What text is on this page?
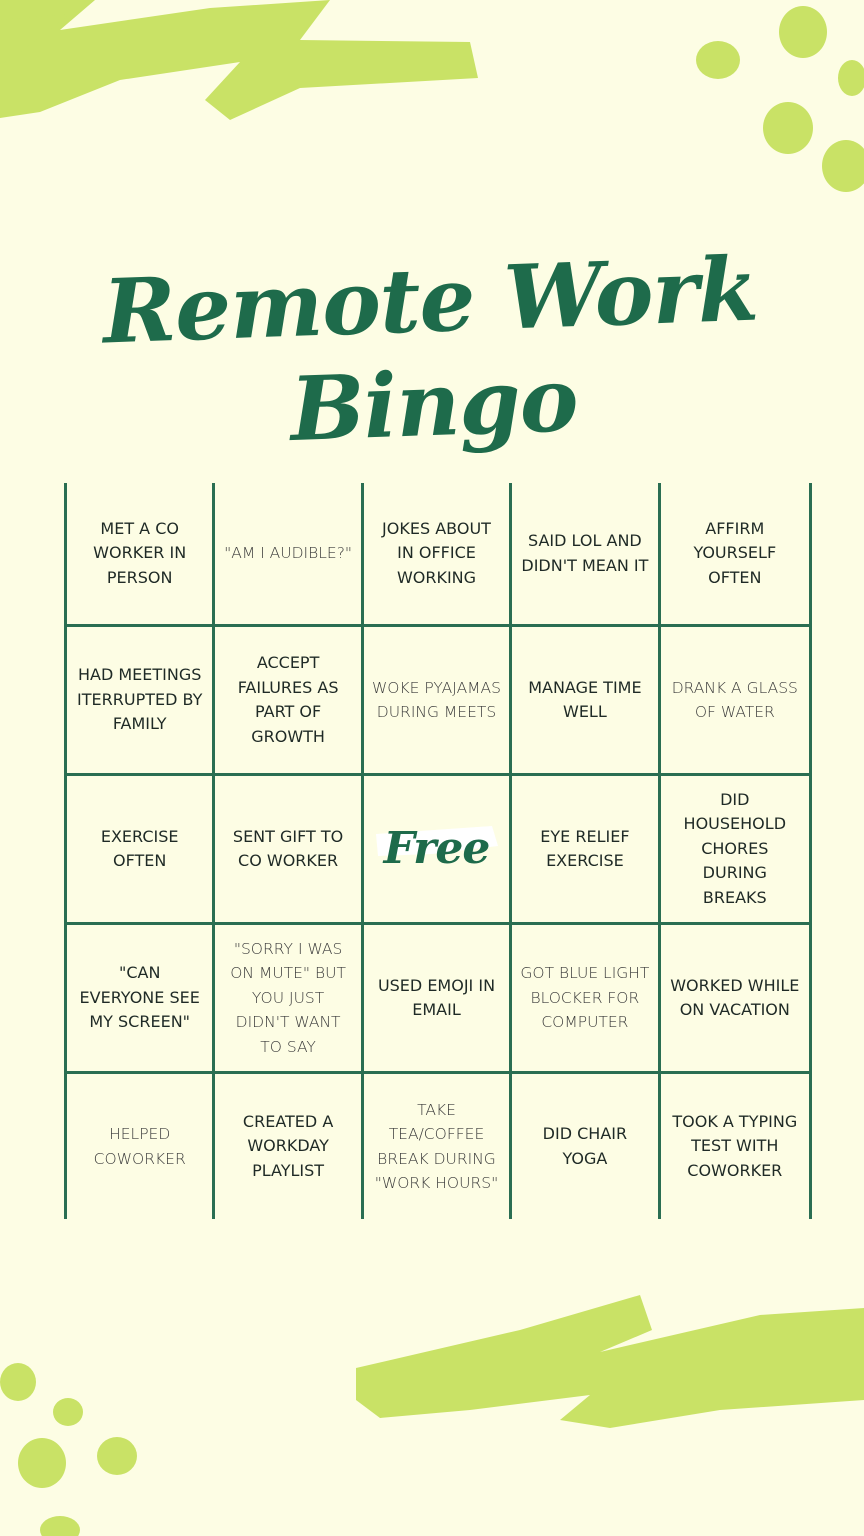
Remote Work Bingo
MET A CO WORKER IN PERSON
"AM I AUDIBLE?"
JOKES ABOUT IN OFFICE WORKING
SAID LOL AND DIDN'T MEAN IT
AFFIRM YOURSELF OFTEN
HAD MEETINGS ITERRUPTED BY FAMILY
ACCEPT FAILURES AS PART OF GROWTH
WOKE PYAJAMAS DURING MEETS
MANAGE TIME WELL
DRANK A GLASS OF WATER
EXERCISE OFTEN
SENT GIFT TO CO WORKER	Free	EYE RELIEF EXERCISE
DID HOUSEHOLD CHORES DURING BREAKS
"CAN EVERYONE SEE MY SCREEN"
"SORRY I WAS ON MUTE" BUT YOU JUST DIDN'T WANT TO SAY
USED EMOJI IN EMAIL
GOT BLUE LIGHT BLOCKER FOR COMPUTER
WORKED WHILE ON VACATION
HELPED COWORKER
CREATED A WORKDAY PLAYLIST
TAKE TEA/COFFEE BREAK DURING "WORK HOURS"
DID CHAIR YOGA
TOOK A TYPING TEST WITH COWORKER
